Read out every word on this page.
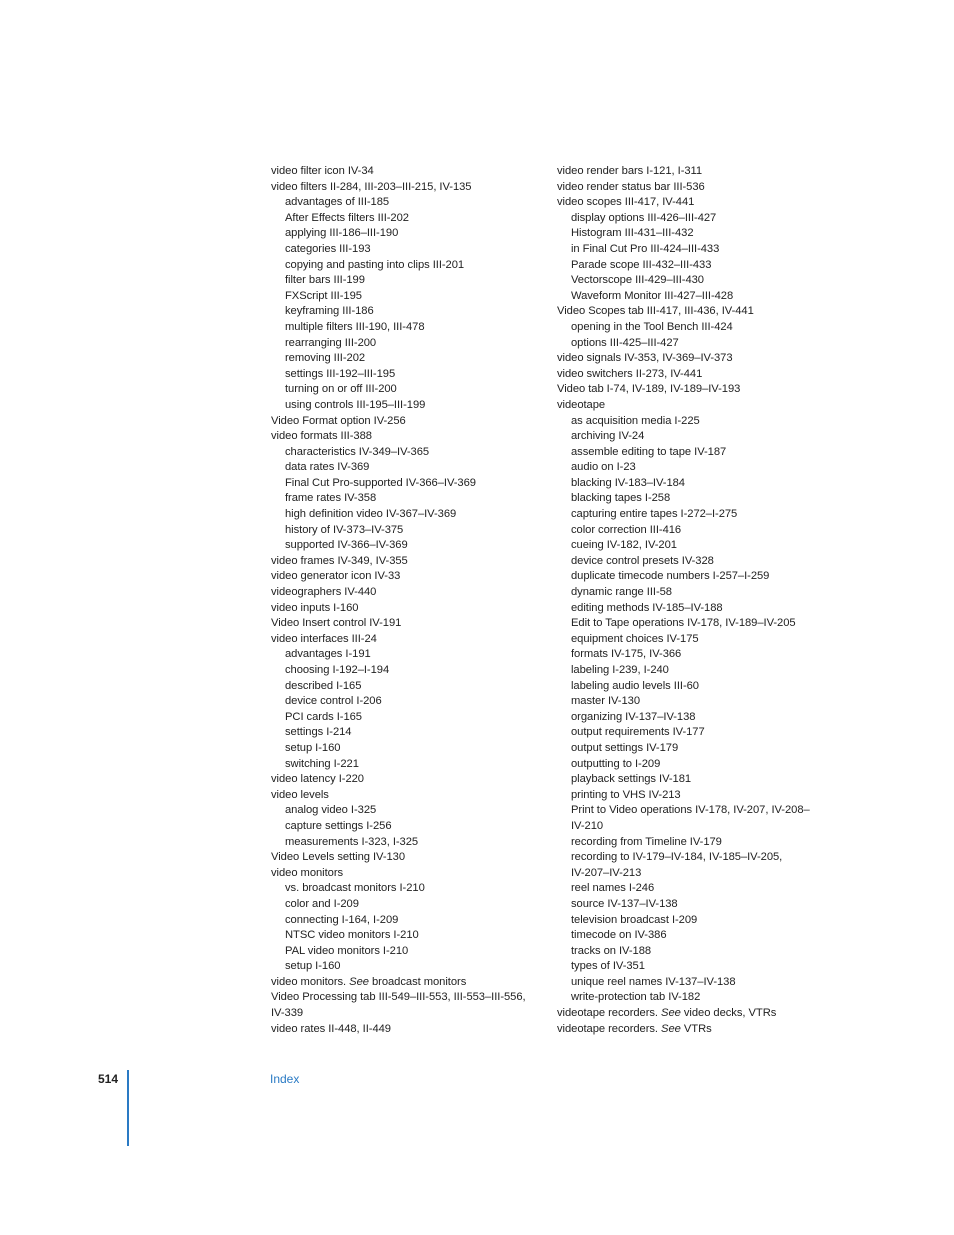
video filter icon IV-34
video filters II-284, III-203–III-215, IV-135
advantages of III-185
After Effects filters III-202
applying III-186–III-190
categories III-193
copying and pasting into clips III-201
filter bars III-199
FXScript III-195
keyframing III-186
multiple filters III-190, III-478
rearranging III-200
removing III-202
settings III-192–III-195
turning on or off III-200
using controls III-195–III-199
Video Format option IV-256
video formats III-388
characteristics IV-349–IV-365
data rates IV-369
Final Cut Pro-supported IV-366–IV-369
frame rates IV-358
high definition video IV-367–IV-369
history of IV-373–IV-375
supported IV-366–IV-369
video frames IV-349, IV-355
video generator icon IV-33
videographers IV-440
video inputs I-160
Video Insert control IV-191
video interfaces III-24
advantages I-191
choosing I-192–I-194
described I-165
device control I-206
PCI cards I-165
settings I-214
setup I-160
switching I-221
video latency I-220
video levels
analog video I-325
capture settings I-256
measurements I-323, I-325
Video Levels setting IV-130
video monitors
vs. broadcast monitors I-210
color and I-209
connecting I-164, I-209
NTSC video monitors I-210
PAL video monitors I-210
setup I-160
video monitors. See broadcast monitors
Video Processing tab III-549–III-553, III-553–III-556,
IV-339
video rates II-448, II-449
video render bars I-121, I-311
video render status bar III-536
video scopes III-417, IV-441
display options III-426–III-427
Histogram III-431–III-432
in Final Cut Pro III-424–III-433
Parade scope III-432–III-433
Vectorscope III-429–III-430
Waveform Monitor III-427–III-428
Video Scopes tab III-417, III-436, IV-441
opening in the Tool Bench III-424
options III-425–III-427
video signals IV-353, IV-369–IV-373
video switchers II-273, IV-441
Video tab I-74, IV-189, IV-189–IV-193
videotape
as acquisition media I-225
archiving IV-24
assemble editing to tape IV-187
audio on I-23
blacking IV-183–IV-184
blacking tapes I-258
capturing entire tapes I-272–I-275
color correction III-416
cueing IV-182, IV-201
device control presets IV-328
duplicate timecode numbers I-257–I-259
dynamic range III-58
editing methods IV-185–IV-188
Edit to Tape operations IV-178, IV-189–IV-205
equipment choices IV-175
formats IV-175, IV-366
labeling I-239, I-240
labeling audio levels III-60
master IV-130
organizing IV-137–IV-138
output requirements IV-177
output settings IV-179
outputting to I-209
playback settings IV-181
printing to VHS IV-213
Print to Video operations IV-178, IV-207, IV-208–
IV-210
recording from Timeline IV-179
recording to IV-179–IV-184, IV-185–IV-205,
IV-207–IV-213
reel names I-246
source IV-137–IV-138
television broadcast I-209
timecode on IV-386
tracks on IV-188
types of IV-351
unique reel names IV-137–IV-138
write-protection tab IV-182
videotape recorders. See video decks, VTRs
videotape recorders. See VTRs
514	Index
